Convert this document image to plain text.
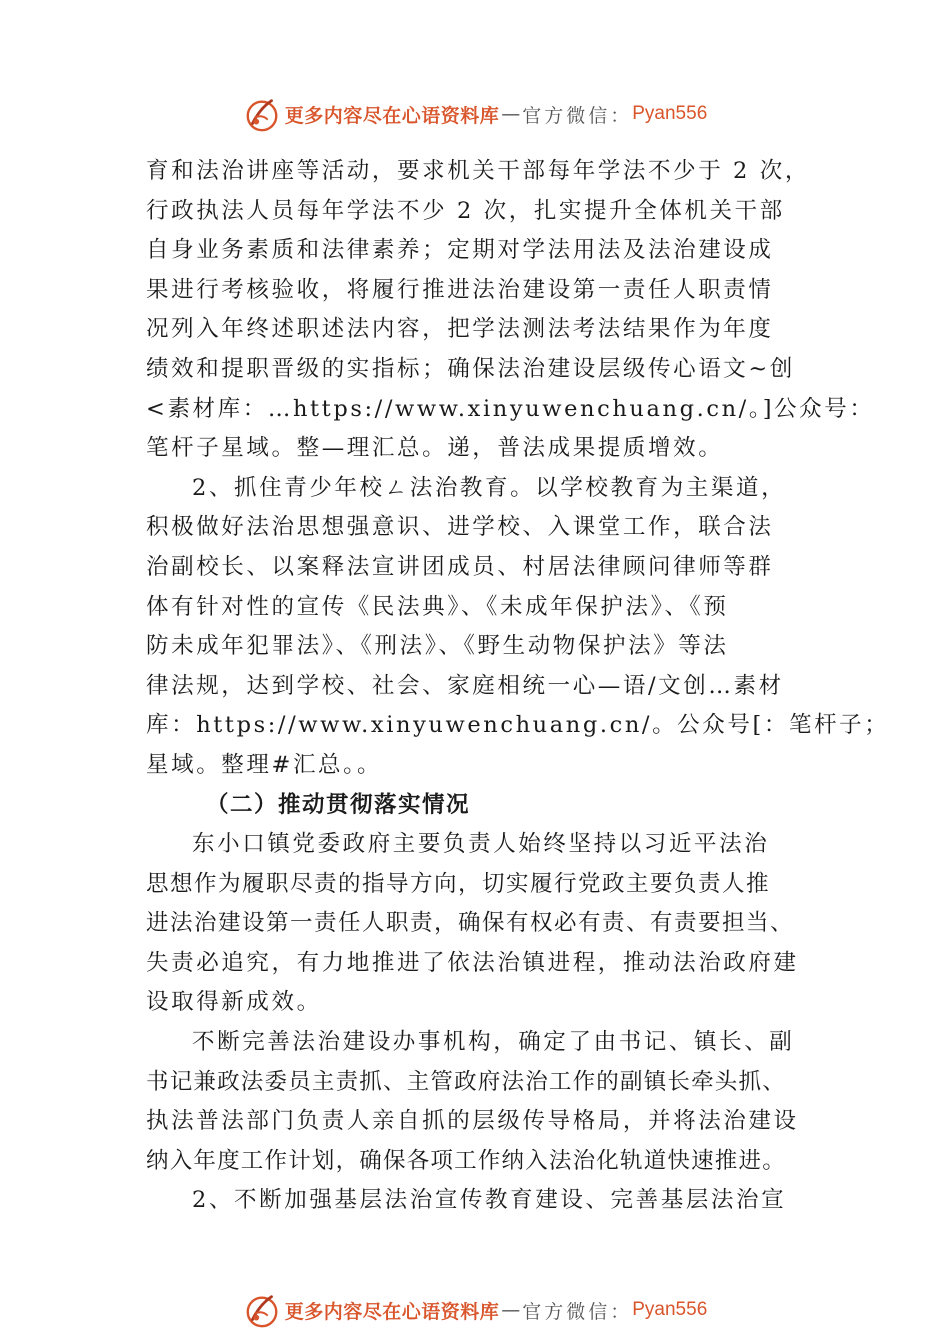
更多内容尽在心语资料库 — 官方微信： Pyan556
育和法治讲座等活动，要求机关干部每年学法不少于 2 次，
行政执法人员每年学法不少 2 次，扎实提升全体机关干部
自身业务素质和法律素养；定期对学法用法及法治建设成
果进行考核验收，将履行推进法治建设第一责任人职责情
况列入年终述职述法内容，把学法测法考法结果作为年度
绩效和提职晋级的实指标；确保法治建设层级传心语文~创
<素材库：…https://www.xinyuwenchuang.cn/。]公众号：
笔杆子星域。整—理汇总。递，普法成果提质增效。
2、抓住青少年校ㄥ法治教育。以学校教育为主渠道，
积极做好法治思想强意识、进学校、入课堂工作，联合法
治副校长、以案释法宣讲团成员、村居法律顾问律师等群
体有针对性的宣传《民法典》、《未成年保护法》、《预
防未成年犯罪法》、《刑法》、《野生动物保护法》等法
律法规，达到学校、社会、家庭相统一心—语/文创…素材
库：https://www.xinyuwenchuang.cn/。公众号[：笔杆子；
星域。整理#汇总。。
（二）推动贯彻落实情况
东小口镇党委政府主要负责人始终坚持以习近平法治
思想作为履职尽责的指导方向，切实履行党政主要负责人推
进法治建设第一责任人职责，确保有权必有责、有责要担当、
失责必追究，有力地推进了依法治镇进程，推动法治政府建
设取得新成效。
不断完善法治建设办事机构，确定了由书记、镇长、副
书记兼政法委员主责抓、主管政府法治工作的副镇长牵头抓、
执法普法部门负责人亲自抓的层级传导格局，并将法治建设
纳入年度工作计划，确保各项工作纳入法治化轨道快速推进。
2、不断加强基层法治宣传教育建设、完善基层法治宣
更多内容尽在心语资料库 — 官方微信： Pyan556
